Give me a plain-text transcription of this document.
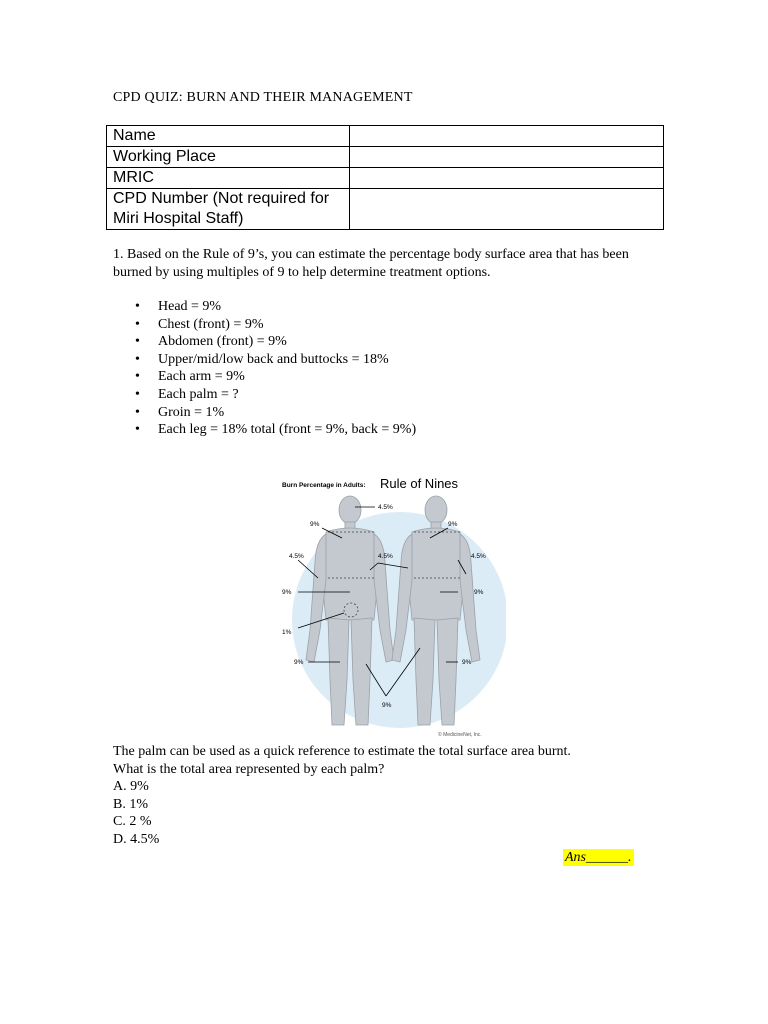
CPD QUIZ: BURN AND THEIR MANAGEMENT
Name	
Working Place	
MRIC	
CPD Number (Not required for Miri Hospital Staff)	
1. Based on the Rule of 9’s, you can estimate the percentage body surface area that has been burned by using multiples of 9 to help determine treatment options.
• Head = 9%
• Chest (front) = 9%
• Abdomen (front) = 9%
• Upper/mid/low back and buttocks = 18%
• Each arm = 9%
• Each palm = ?
• Groin = 1%
• Each leg = 18% total (front = 9%, back = 9%)
Burn Percentage in Adults: Rule of Nines
4.5%
9%	9%
4.5%	4.5%	4.5%
9%	9%
1%
9%	9%
9%
© MedicineNet, Inc.
The palm can be used as a quick reference to estimate the total surface area burnt.
What is the total area represented by each palm?
A. 9%
B. 1%
C. 2 %
D. 4.5%
Ans______.
